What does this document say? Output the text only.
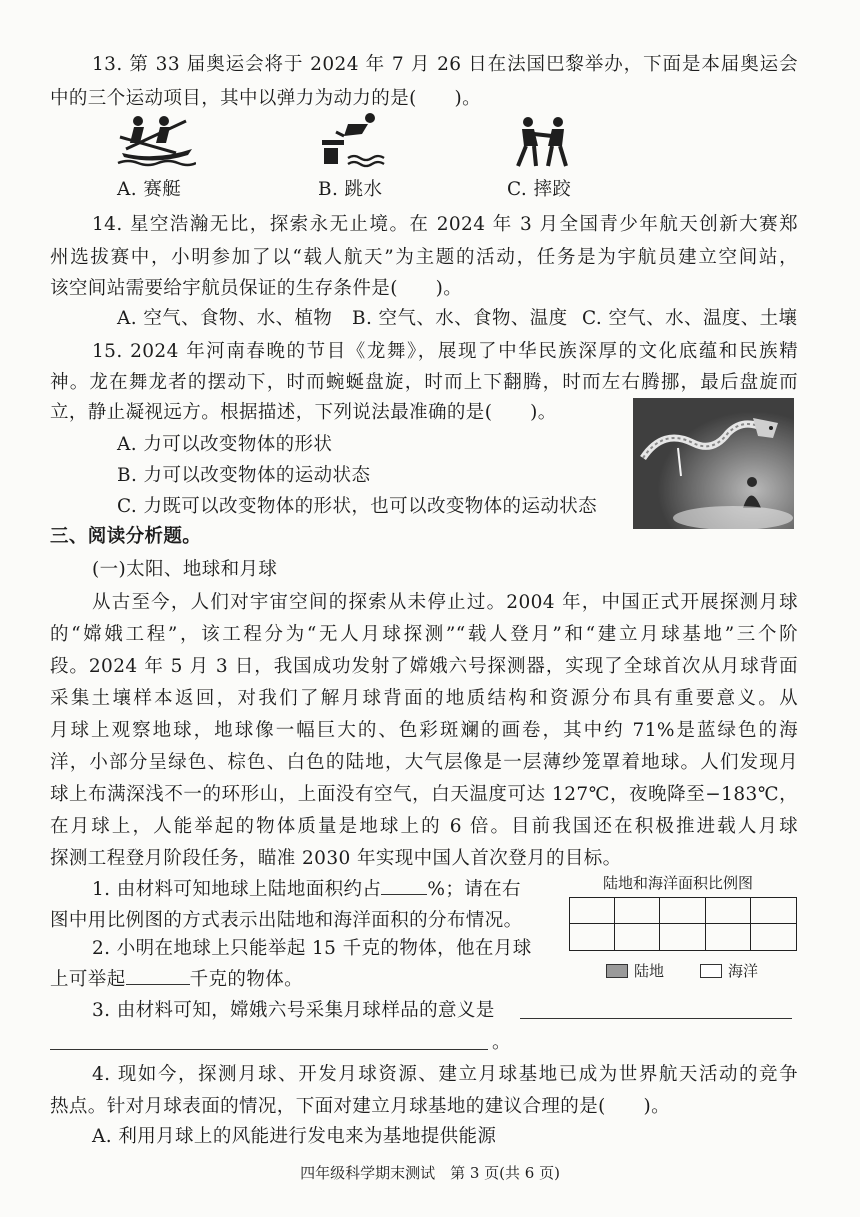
13. 第 33 届奥运会将于 2024 年 7 月 26 日在法国巴黎举办，下面是本届奥运会
中的三个运动项目，其中以弹力为动力的是(　　)。
A. 赛艇	B. 跳水	C. 摔跤
14. 星空浩瀚无比，探索永无止境。在 2024 年 3 月全国青少年航天创新大赛郑
州选拔赛中，小明参加了以“载人航天”为主题的活动，任务是为宇航员建立空间站，
该空间站需要给宇航员保证的生存条件是(　　)。
A. 空气、食物、水、植物 B. 空气、水、食物、温度 C. 空气、水、温度、土壤
15. 2024 年河南春晚的节目《龙舞》，展现了中华民族深厚的文化底蕴和民族精
神。龙在舞龙者的摆动下，时而蜿蜒盘旋，时而上下翻腾，时而左右腾挪，最后盘旋而
立，静止凝视远方。根据描述，下列说法最准确的是(　　)。
A. 力可以改变物体的形状
B. 力可以改变物体的运动状态
C. 力既可以改变物体的形状，也可以改变物体的运动状态
三、阅读分析题。
(一)太阳、地球和月球
从古至今，人们对宇宙空间的探索从未停止过。2004 年，中国正式开展探测月球
的“嫦娥工程”，该工程分为“无人月球探测”“载人登月”和“建立月球基地”三个阶
段。2024 年 5 月 3 日，我国成功发射了嫦娥六号探测器，实现了全球首次从月球背面
采集土壤样本返回，对我们了解月球背面的地质结构和资源分布具有重要意义。从
月球上观察地球，地球像一幅巨大的、色彩斑斓的画卷，其中约 71%是蓝绿色的海
洋，小部分呈绿色、棕色、白色的陆地，大气层像是一层薄纱笼罩着地球。人们发现月
球上布满深浅不一的环形山，上面没有空气，白天温度可达 127℃，夜晚降至−183℃，
在月球上，人能举起的物体质量是地球上的 6 倍。目前我国还在积极推进载人月球
探测工程登月阶段任务，瞄准 2030 年实现中国人首次登月的目标。
1. 由材料可知地球上陆地面积约占 %；请在右
图中用比例图的方式表示出陆地和海洋面积的分布情况。
陆地和海洋面积比例图
陆地	海洋
2. 小明在地球上只能举起 15 千克的物体，他在月球
上可举起	千克的物体。
3. 由材料可知，嫦娥六号采集月球样品的意义是
。
4. 现如今，探测月球、开发月球资源、建立月球基地已成为世界航天活动的竞争
热点。针对月球表面的情况，下面对建立月球基地的建议合理的是(　　)。
A. 利用月球上的风能进行发电来为基地提供能源
四年级科学期末测试　第 3 页(共 6 页)
